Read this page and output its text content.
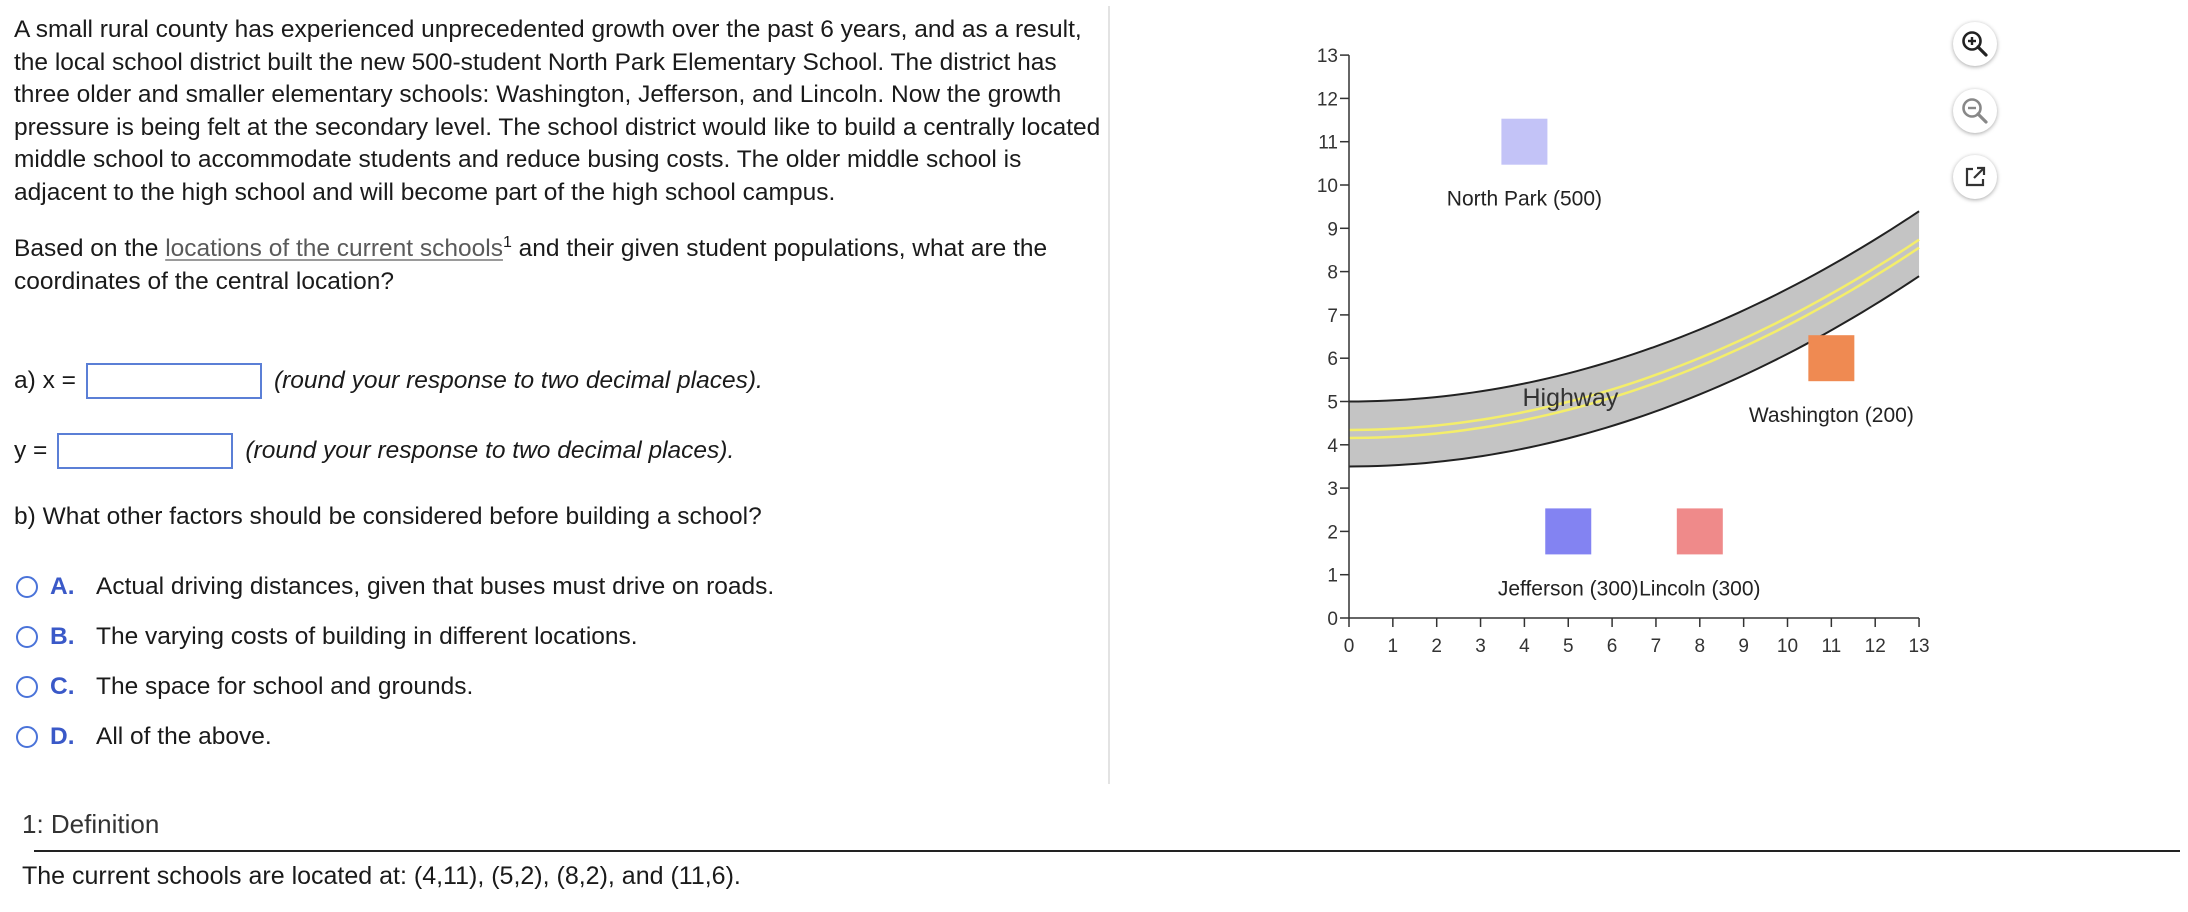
A small rural county has experienced unprecedented growth over the past 6 years, and as a result, the local school district built the new 500-student North Park Elementary School. The district has three older and smaller elementary schools: Washington, Jefferson, and Lincoln. Now the growth pressure is being felt at the secondary level. The school district would like to build a centrally located middle school to accommodate students and reduce busing costs. The older middle school is adjacent to the high school and will become part of the high school campus.

Based on the locations of the current schools$^1$ and their given student populations, what are the coordinates of the central location?

a) x =	(round your response to two decimal places).
y =	(round your response to two decimal places).
b) What other factors should be considered before building a school?
A. Actual driving distances, given that buses must drive on roads.
B. The varying costs of building in different locations.
C. The space for school and grounds.
D. All of the above.
1: Definition
The current schools are located at: (4,11), (5,2), (8,2), and (11,6).
0 1 2 3 4 5 6 7 8 9 10 11 12 13
0
1
2
3
4
5
6
7
8
9
10
11
12
13
North Park (500)
Jefferson (300) Lincoln (300)
Washington (200)
Highway
